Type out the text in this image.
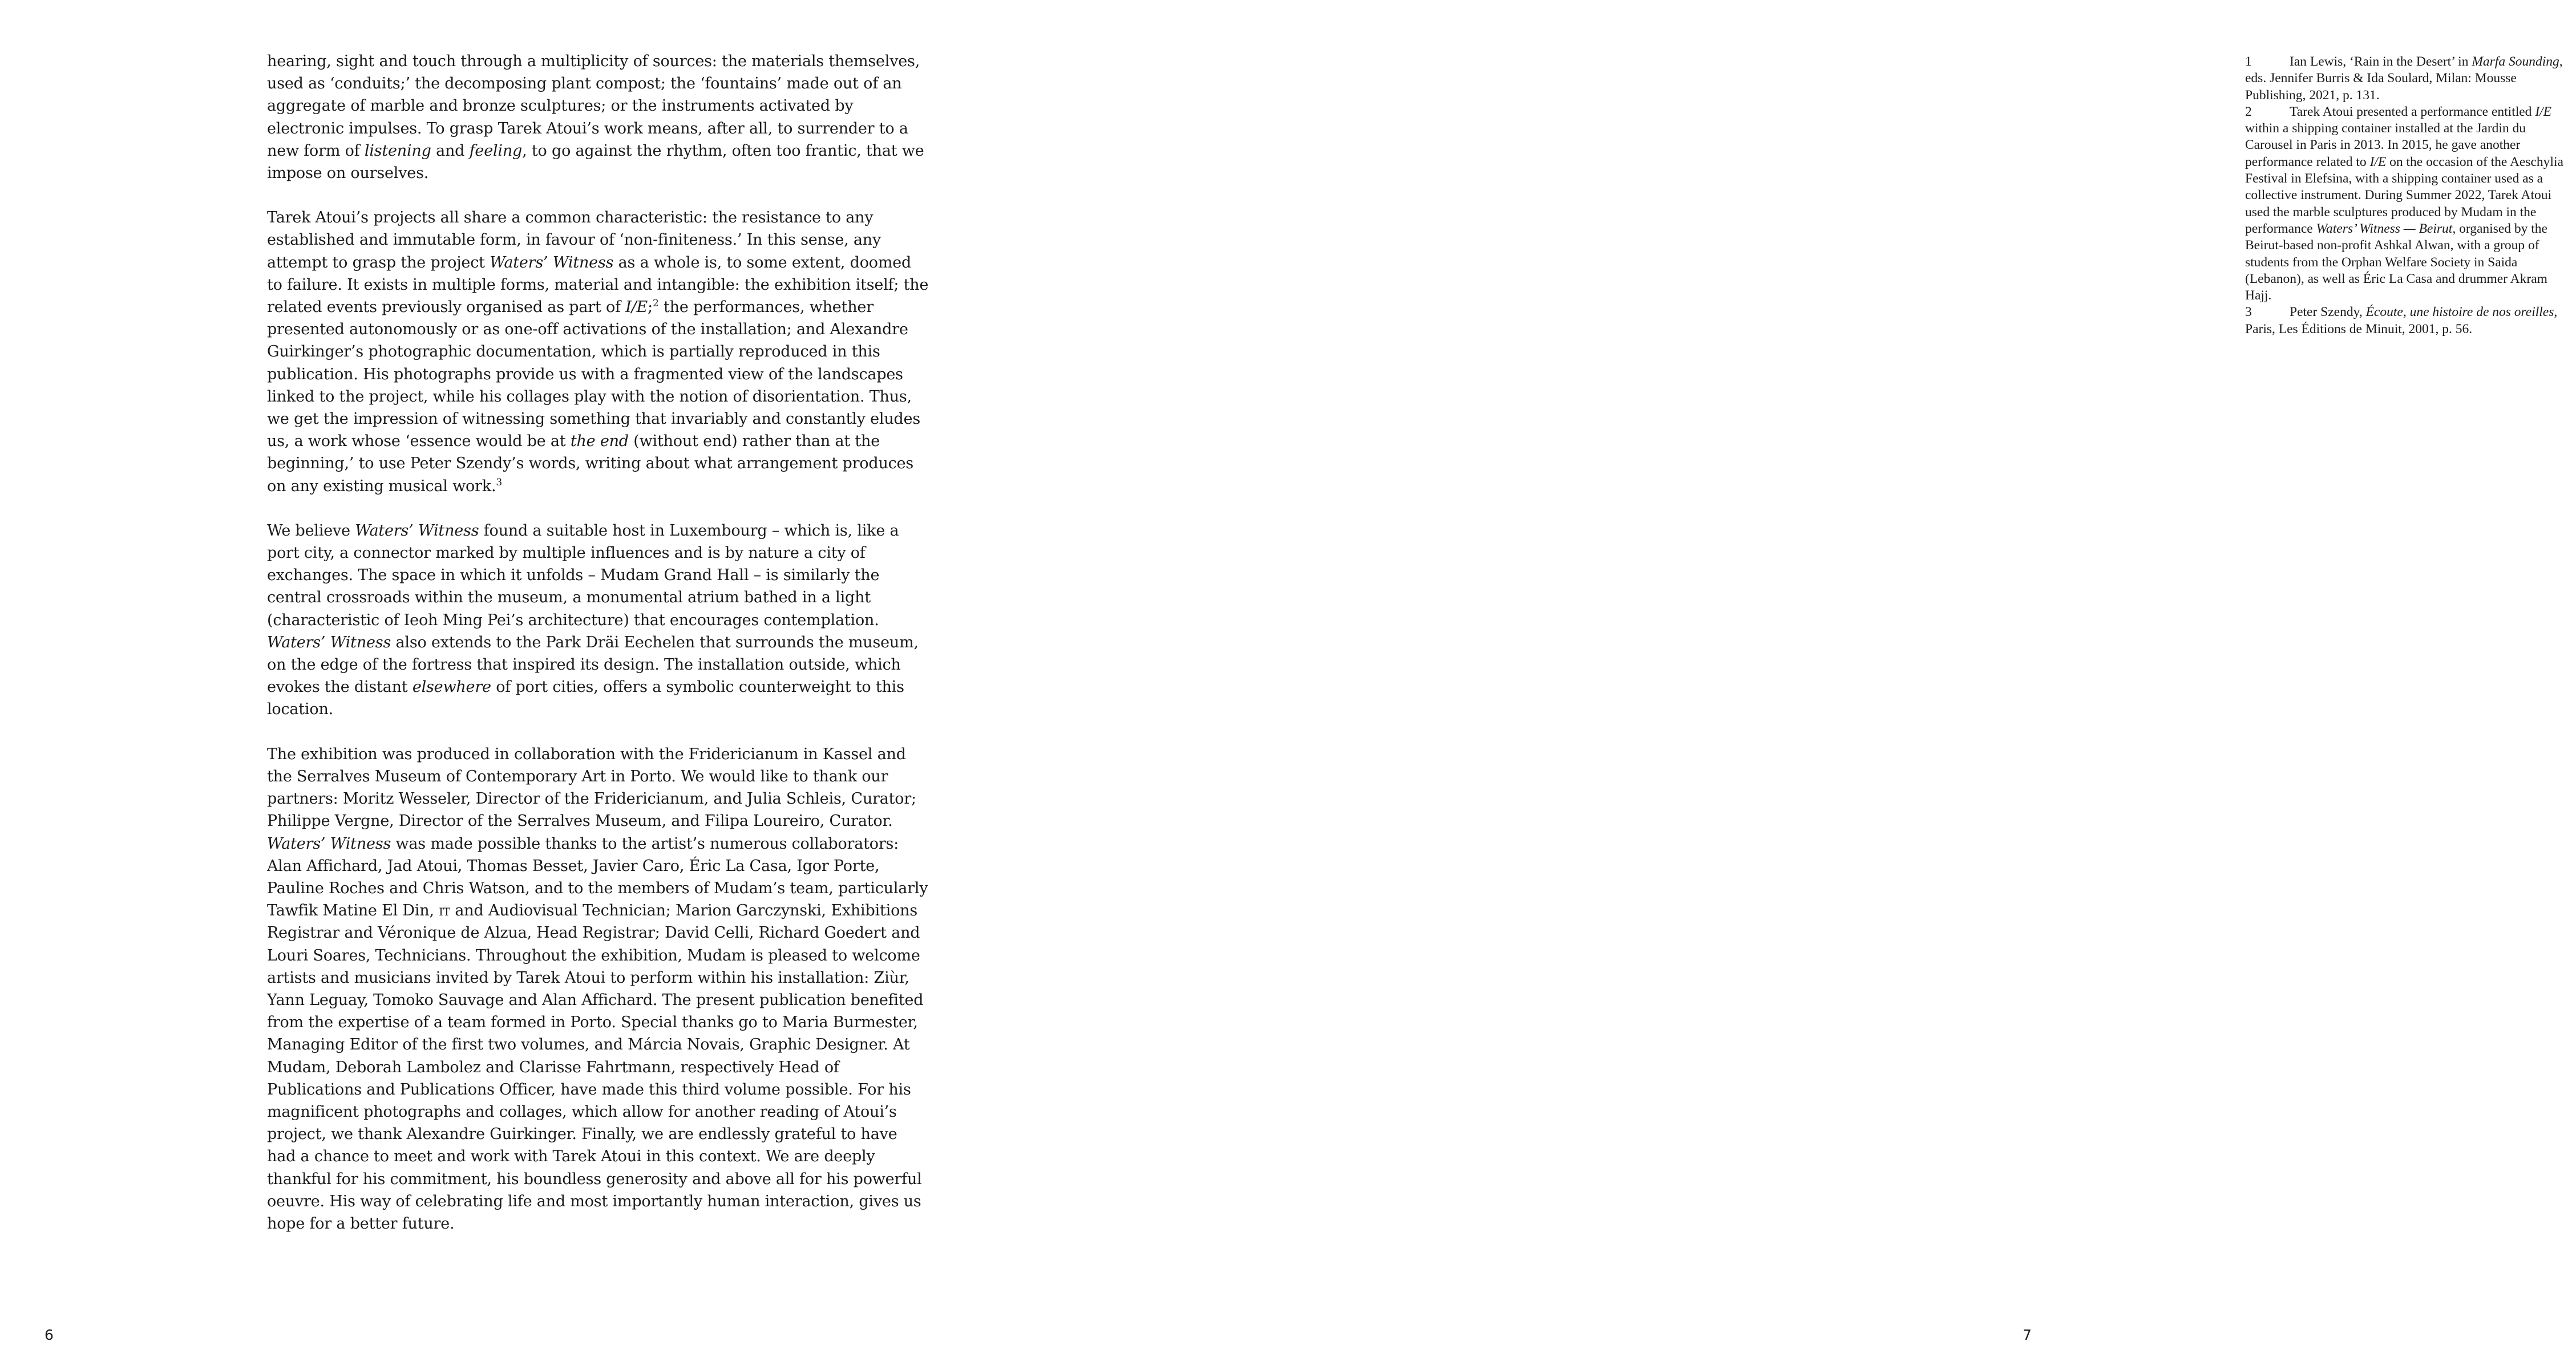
hearing, sight and touch through a multiplicity of sources: the materials themselves, used as ‘conduits;’ the decomposing plant compost; the ‘fountains’ made out of an aggregate of marble and bronze sculptures; or the instruments activated by electronic impulses. To grasp Tarek Atoui’s work means, after all, to surrender to a new form of listening and feeling, to go against the rhythm, often too frantic, that we impose on ourselves.

Tarek Atoui’s projects all share a common characteristic: the resistance to any established and immutable form, in favour of ‘non-finiteness.’ In this sense, any attempt to grasp the project Waters’ Witness as a whole is, to some extent, doomed to failure. It exists in multiple forms, material and intangible: the exhibition itself; the related events previously organised as part of I/E;$^2$ the performances, whether presented autonomously or as one-off activations of the installation; and Alexandre Guirkinger’s photographic documentation, which is partially reproduced in this publication. His photographs provide us with a fragmented view of the landscapes linked to the project, while his collages play with the notion of disorientation. Thus, we get the impression of witnessing something that invariably and constantly eludes us, a work whose ‘essence would be at the end (without end) rather than at the beginning,’ to use Peter Szendy’s words, writing about what arrangement produces on any existing musical work.$^3$

We believe Waters’ Witness found a suitable host in Luxembourg – which is, like a port city, a connector marked by multiple influences and is by nature a city of exchanges. The space in which it unfolds – Mudam Grand Hall – is similarly the central crossroads within the museum, a monumental atrium bathed in a light (characteristic of Ieoh Ming Pei’s architecture) that encourages contemplation. Waters’ Witness also extends to the Park Dräi Eechelen that surrounds the museum, on the edge of the fortress that inspired its design. The installation outside, which evokes the distant elsewhere of port cities, offers a symbolic counterweight to this location.

The exhibition was produced in collaboration with the Fridericianum in Kassel and the Serralves Museum of Contemporary Art in Porto. We would like to thank our partners: Moritz Wesseler, Director of the Fridericianum, and Julia Schleis, Curator; Philippe Vergne, Director of the Serralves Museum, and Filipa Loureiro, Curator. Waters’ Witness was made possible thanks to the artist’s numerous collaborators: Alan Affichard, Jad Atoui, Thomas Besset, Javier Caro, Éric La Casa, Igor Porte, Pauline Roches and Chris Watson, and to the members of Mudam’s team, particularly Tawfik Matine El Din, it and Audiovisual Technician; Marion Garczynski, Exhibitions Registrar and Véronique de Alzua, Head Registrar; David Celli, Richard Goedert and Louri Soares, Technicians. Throughout the exhibition, Mudam is pleased to welcome artists and musicians invited by Tarek Atoui to perform within his installation: Ziùr, Yann Leguay, Tomoko Sauvage and Alan Affichard. The present publication benefited from the expertise of a team formed in Porto. Special thanks go to Maria Burmester, Managing Editor of the first two volumes, and Márcia Novais, Graphic Designer. At Mudam, Deborah Lambolez and Clarisse Fahrtmann, respectively Head of Publications and Publications Officer, have made this third volume possible. For his magnificent photographs and collages, which allow for another reading of Atoui’s project, we thank Alexandre Guirkinger. Finally, we are endlessly grateful to have had a chance to meet and work with Tarek Atoui in this context. We are deeply thankful for his commitment, his boundless generosity and above all for his powerful oeuvre. His way of celebrating life and most importantly human interaction, gives us hope for a better future.

6

1	Ian Lewis, ‘Rain in the Desert’ in Marfa Sounding, eds. Jennifer Burris & Ida Soulard, Milan: Mousse Publishing, 2021, p. 131.

2	Tarek Atoui presented a performance entitled I/E within a shipping container installed at the Jardin du Carousel in Paris in 2013. In 2015, he gave another performance related to I/E on the occasion of the Aeschylia Festival in Elefsina, with a shipping container used as a collective instrument. During Summer 2022, Tarek Atoui used the marble sculptures produced by Mudam in the performance Waters’ Witness — Beirut, organised by the Beirut-based non-profit Ashkal Alwan, with a group of students from the Orphan Welfare Society in Saida (Lebanon), as well as Éric La Casa and drummer Akram Hajj.

3	Peter Szendy, Écoute, une histoire de nos oreilles, Paris, Les Éditions de Minuit, 2001, p. 56.

7
